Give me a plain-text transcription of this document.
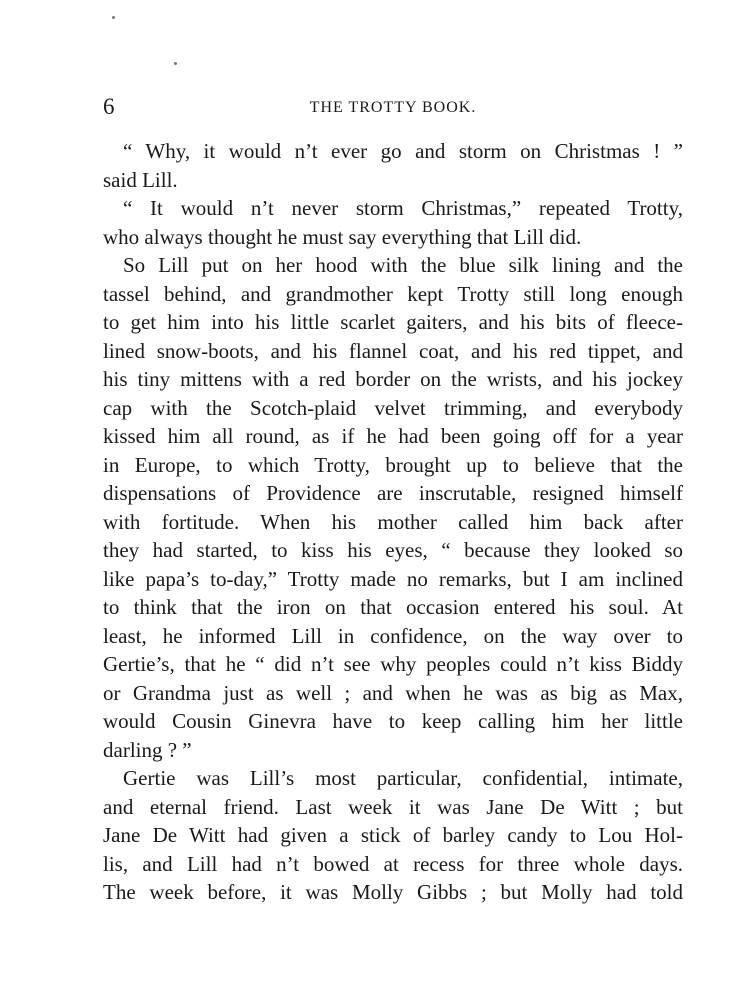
6	THE TROTTY BOOK.
“ Why, it would n’t ever go and storm on Christmas ! ”
said Lill.
“ It would n’t never storm Christmas,” repeated Trotty,
who always thought he must say everything that Lill did.
So Lill put on her hood with the blue silk lining and the
tassel behind, and grandmother kept Trotty still long enough
to get him into his little scarlet gaiters, and his bits of fleece-
lined snow-boots, and his flannel coat, and his red tippet, and
his tiny mittens with a red border on the wrists, and his jockey
cap with the Scotch-plaid velvet trimming, and everybody
kissed him all round, as if he had been going off for a year
in Europe, to which Trotty, brought up to believe that the
dispensations of Providence are inscrutable, resigned himself
with fortitude. When his mother called him back after
they had started, to kiss his eyes, “ because they looked so
like papa’s to-day,” Trotty made no remarks, but I am inclined
to think that the iron on that occasion entered his soul. At
least, he informed Lill in confidence, on the way over to
Gertie’s, that he “ did n’t see why peoples could n’t kiss Biddy
or Grandma just as well ; and when he was as big as Max,
would Cousin Ginevra have to keep calling him her little
darling ? ”
Gertie was Lill’s most particular, confidential, intimate,
and eternal friend. Last week it was Jane De Witt ; but
Jane De Witt had given a stick of barley candy to Lou Hol-
lis, and Lill had n’t bowed at recess for three whole days.
The week before, it was Molly Gibbs ; but Molly had told
